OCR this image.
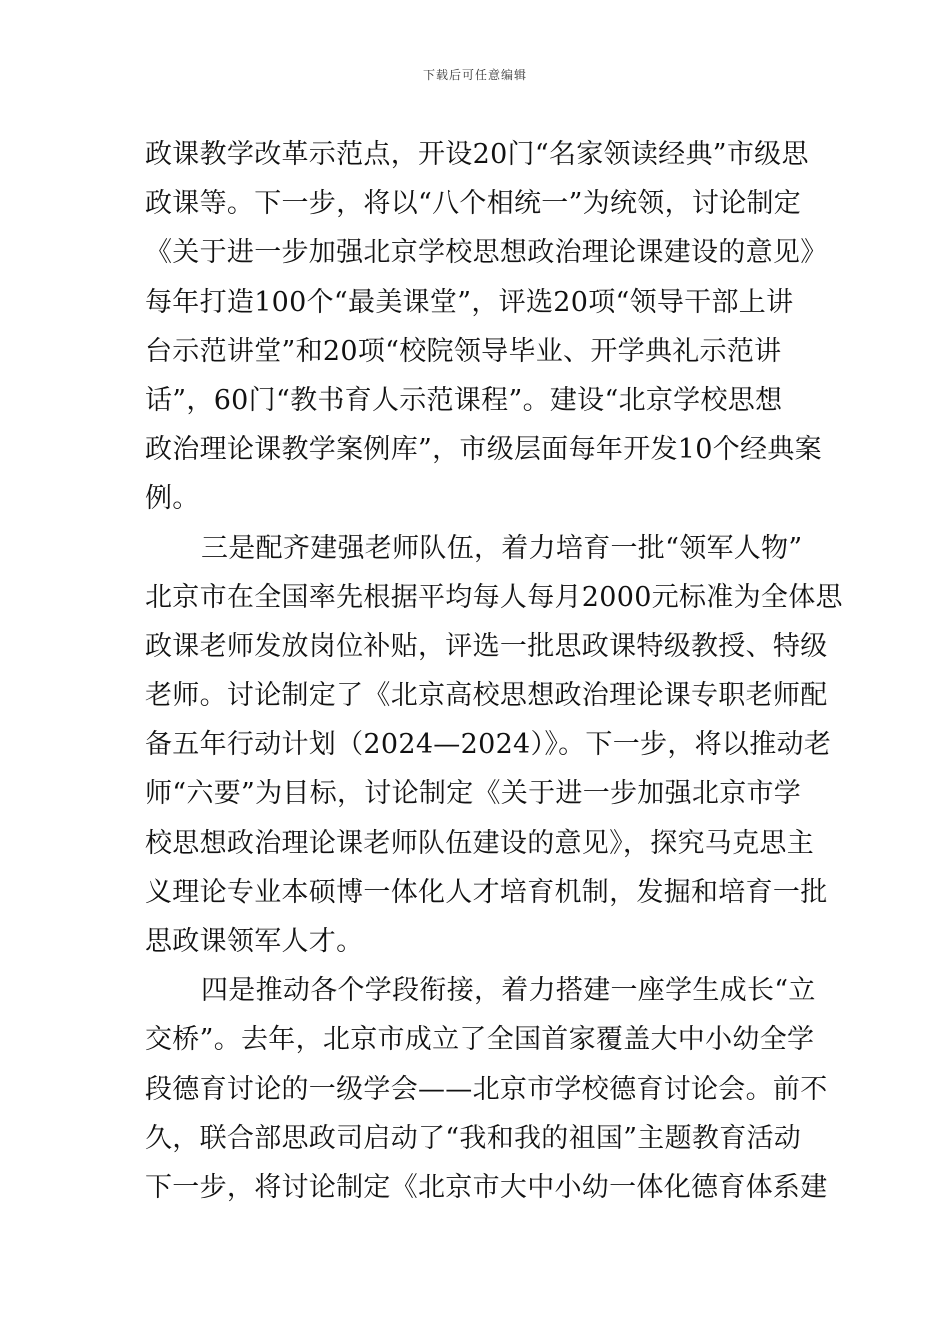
下载后可任意编辑
政课教学改革示范点，开设20门“名家领读经典”市级思
政课等。下一步，将以“八个相统一”为统领，讨论制定
《关于进一步加强北京学校思想政治理论课建设的意见》
每年打造100个“最美课堂”，评选20项“领导干部上讲
台示范讲堂”和20项“校院领导毕业、开学典礼示范讲
话”，60门“教书育人示范课程”。建设“北京学校思想
政治理论课教学案例库”，市级层面每年开发10个经典案
例。
三是配齐建强老师队伍，着力培育一批“领军人物”
北京市在全国率先根据平均每人每月2000元标准为全体思
政课老师发放岗位补贴，评选一批思政课特级教授、特级
老师。讨论制定了《北京高校思想政治理论课专职老师配
备五年行动计划（2024—2024）》。下一步，将以推动老
师“六要”为目标，讨论制定《关于进一步加强北京市学
校思想政治理论课老师队伍建设的意见》，探究马克思主
义理论专业本硕博一体化人才培育机制，发掘和培育一批
思政课领军人才。
四是推动各个学段衔接，着力搭建一座学生成长“立
交桥”。去年，北京市成立了全国首家覆盖大中小幼全学
段德育讨论的一级学会——北京市学校德育讨论会。前不
久，联合部思政司启动了“我和我的祖国”主题教育活动
下一步，将讨论制定《北京市大中小幼一体化德育体系建
